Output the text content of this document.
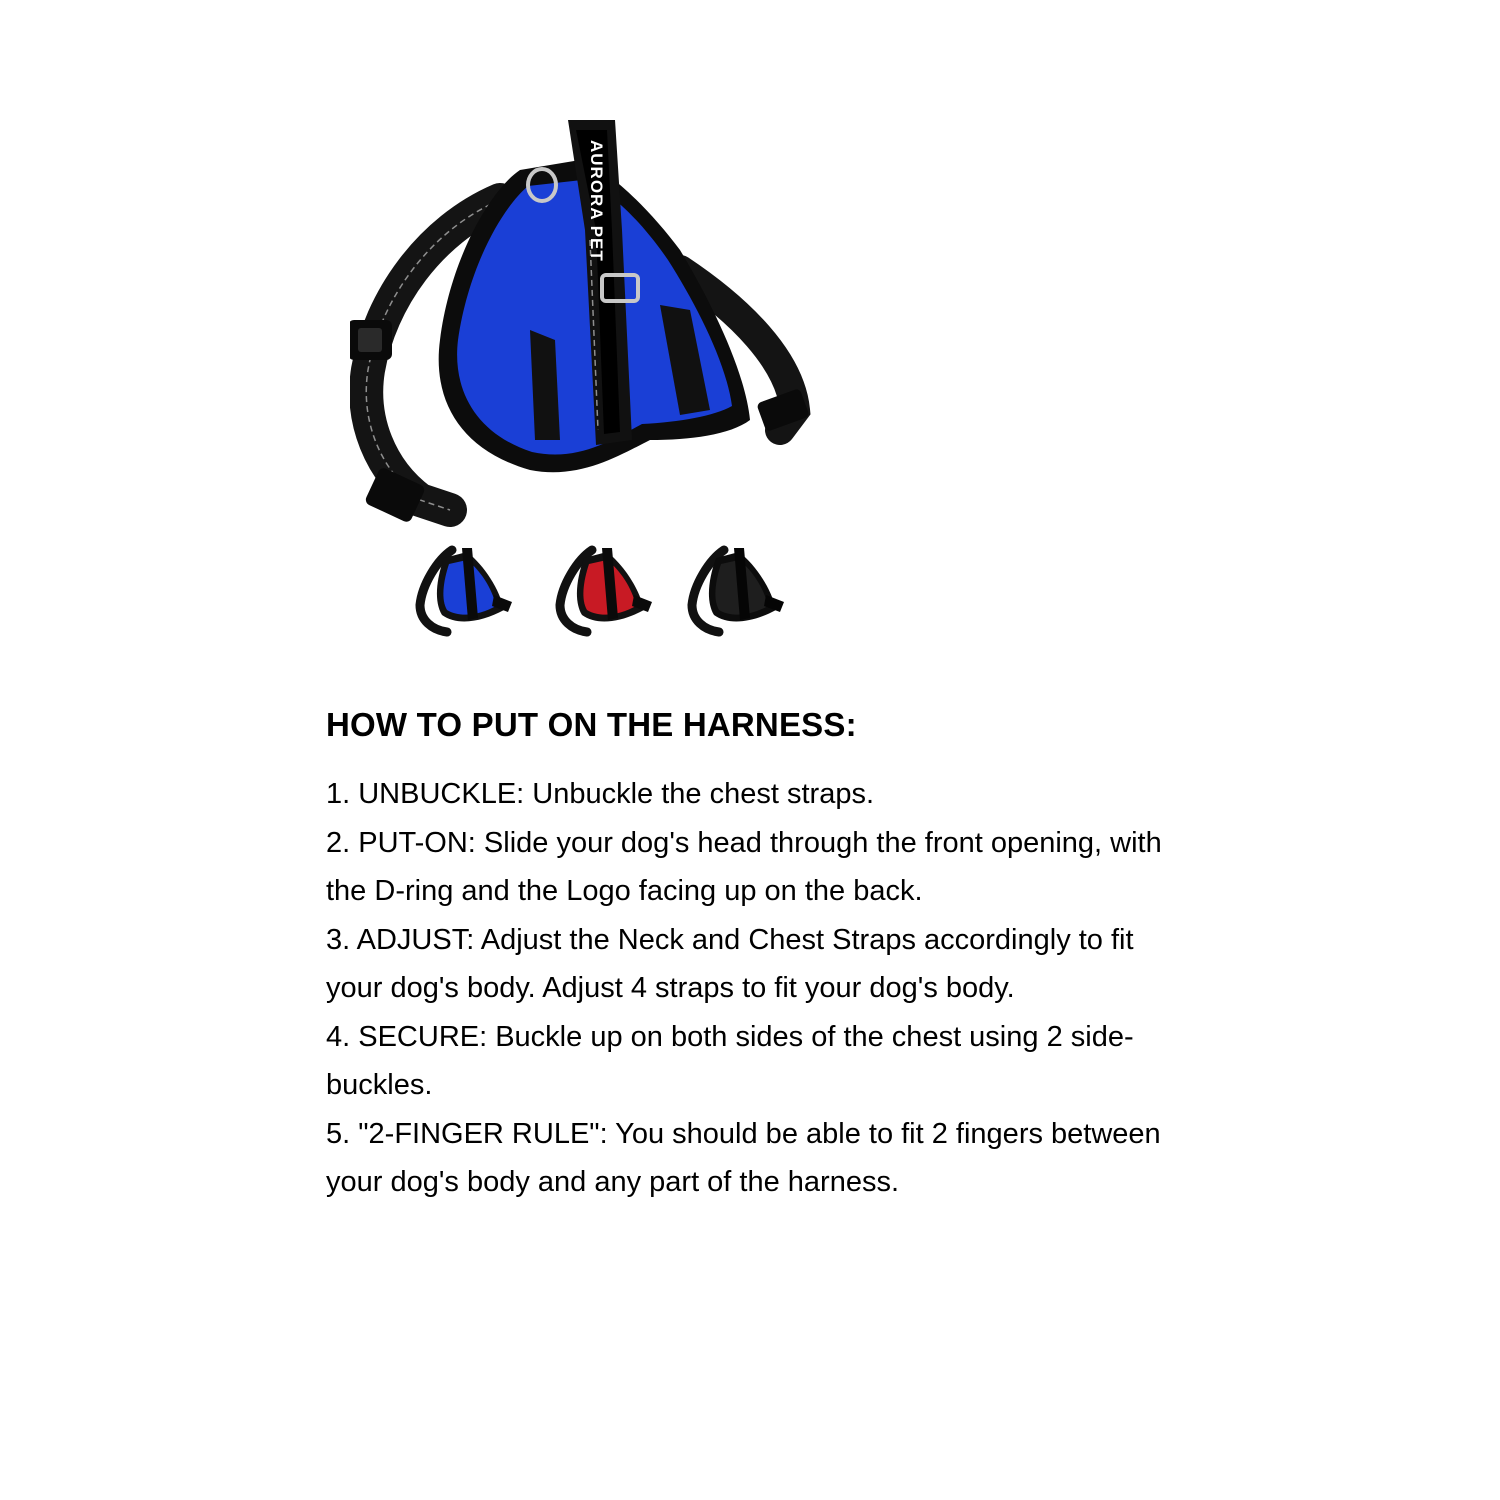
AURORA PET
HOW TO PUT ON THE HARNESS:
1. UNBUCKLE: Unbuckle the chest straps.
2. PUT-ON: Slide your dog's head through the front opening, with the D-ring and the Logo facing up on the back.
3. ADJUST: Adjust the Neck and Chest Straps accordingly to fit your dog's body. Adjust 4 straps to fit your dog's body.
4. SECURE: Buckle up on both sides of the chest using 2 side-buckles.
5. "2-FINGER RULE": You should be able to fit 2 fingers between your dog's body and any part of the harness.
